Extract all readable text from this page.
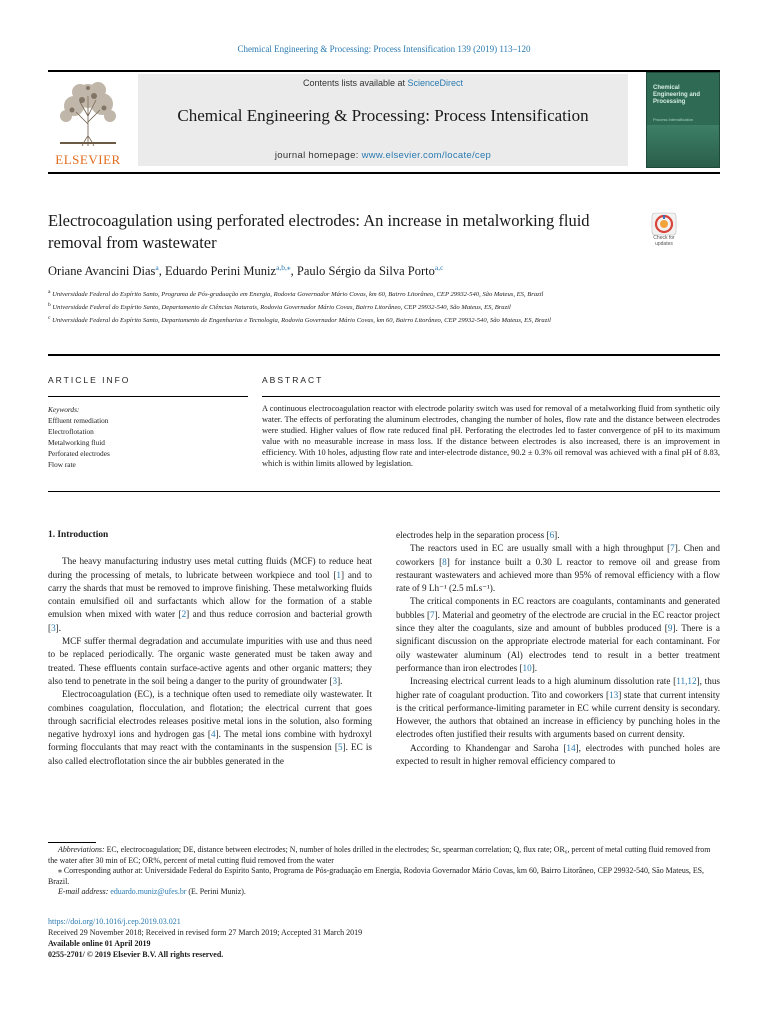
Chemical Engineering & Processing: Process Intensification 139 (2019) 113–120
ELSEVIER
Contents lists available at ScienceDirect
Chemical Engineering & Processing: Process Intensification
journal homepage: www.elsevier.com/locate/cep
Chemical Engineering and Processing
Process Intensification
Electrocoagulation using perforated electrodes: An increase in metalworking fluid removal from wastewater	Check for updates
Oriane Avancini Dias$^a$, Eduardo Perini Muniz$^{a,b,⁎}$, Paulo Sérgio da Silva Porto$^{a,c}$
$^a$ Universidade Federal do Espírito Santo, Programa de Pós-graduação em Energia, Rodovia Governador Mário Covas, km 60, Bairro Litorâneo, CEP 29932-540, São Mateus, ES, Brazil
$^b$ Universidade Federal do Espírito Santo, Departamento de Ciências Naturais, Rodovia Governador Mário Covas, Bairro Litorâneo, CEP 29932-540, São Mateus, ES, Brazil
$^c$ Universidade Federal do Espírito Santo, Departamento de Engenharias e Tecnologia, Rodovia Governador Mário Covas, km 60, Bairro Litorâneo, CEP 29932-540, São Mateus, ES, Brazil
ARTICLE INFO	ABSTRACT
Keywords:
Effluent remediation
Electroflotation
Metalworking fluid
Perforated electrodes
Flow rate
A continuous electrocoagulation reactor with electrode polarity switch was used for removal of a metalworking fluid from synthetic oily water. The effects of perforating the aluminum electrodes, changing the number of holes, flow rate and the distance between electrodes were studied. Higher values of flow rate reduced final pH. Perforating the electrodes led to faster convergence of pH to its maximum value with no measurable increase in mass loss. If the distance between electrodes is also increased, there is an improvement in efficiency. With 10 holes, adjusting flow rate and inter-electrode distance, 90.2 ± 0.3% oil removal was achieved with a final pH of 8.83, which is within limits allowed by legislation.
1. Introduction

The heavy manufacturing industry uses metal cutting fluids (MCF) to reduce heat during the processing of metals, to lubricate between workpiece and tool [1] and to carry the shards that must be removed to improve finishing. These metalworking fluids contain emulsified oil and surfactants which allow for the formation of a stable emulsion when mixed with water [2] and thus reduce corrosion and bacterial growth [3].

MCF suffer thermal degradation and accumulate impurities with use and thus need to be replaced periodically. The organic waste generated must be taken away and treated. These effluents contain surface-active agents and other organic matters; they also tend to penetrate in the soil being a danger to the purity of groundwater [3].

Electrocoagulation (EC), is a technique often used to remediate oily wastewater. It combines coagulation, flocculation, and flotation; the electrical current that goes through sacrificial electrodes releases positive metal ions in the solution, also forming negative hydroxyl ions and hydrogen gas [4]. The metal ions combine with hydroxyl forming flocculants that may react with the contaminants in the suspension [5]. EC is also called electroflotation since the air bubbles generated in the

electrodes help in the separation process [6].

The reactors used in EC are usually small with a high throughput [7]. Chen and coworkers [8] for instance built a 0.30 L reactor to remove oil and grease from restaurant wastewaters and achieved more than 95% of removal efficiency with a flow rate of 9 Lh⁻¹ (2.5 mLs⁻¹).

The critical components in EC reactors are coagulants, contaminants and generated bubbles [7]. Material and geometry of the electrode are crucial in the EC reactor project since they alter the coagulants, size and amount of bubbles produced [9]. There is a significant discussion on the appropriate electrode material for each contaminant. For oily wastewater aluminum (Al) electrodes tend to result in a better treatment performance than iron electrodes [10].

Increasing electrical current leads to a high aluminum dissolution rate [11,12], thus higher rate of coagulant production. Tito and coworkers [13] state that current intensity is the critical performance-limiting parameter in EC while current density is secondary. However, the authors that obtained an increase in efficiency by punching holes in the electrodes often justified their results with arguments based on current density.

According to Khandengar and Saroha [14], electrodes with punched holes are expected to result in higher removal efficiency compared to

Abbreviations: EC, electrocoagulation; DE, distance between electrodes; N, number of holes drilled in the electrodes; Sc, spearman correlation; Q, flux rate; OR₆, percent of metal cutting fluid removed from the water after 30 min of EC; OR%, percent of metal cutting fluid removed from the water

⁎ Corresponding author at: Universidade Federal do Espírito Santo, Programa de Pós-graduação em Energia, Rodovia Governador Mário Covas, km 60, Bairro Litorâneo, CEP 29932-540, São Mateus, ES, Brazil.

E-mail address: eduardo.muniz@ufes.br (E. Perini Muniz).

https://doi.org/10.1016/j.cep.2019.03.021
Received 29 November 2018; Received in revised form 27 March 2019; Accepted 31 March 2019
Available online 01 April 2019
0255-2701/ © 2019 Elsevier B.V. All rights reserved.
